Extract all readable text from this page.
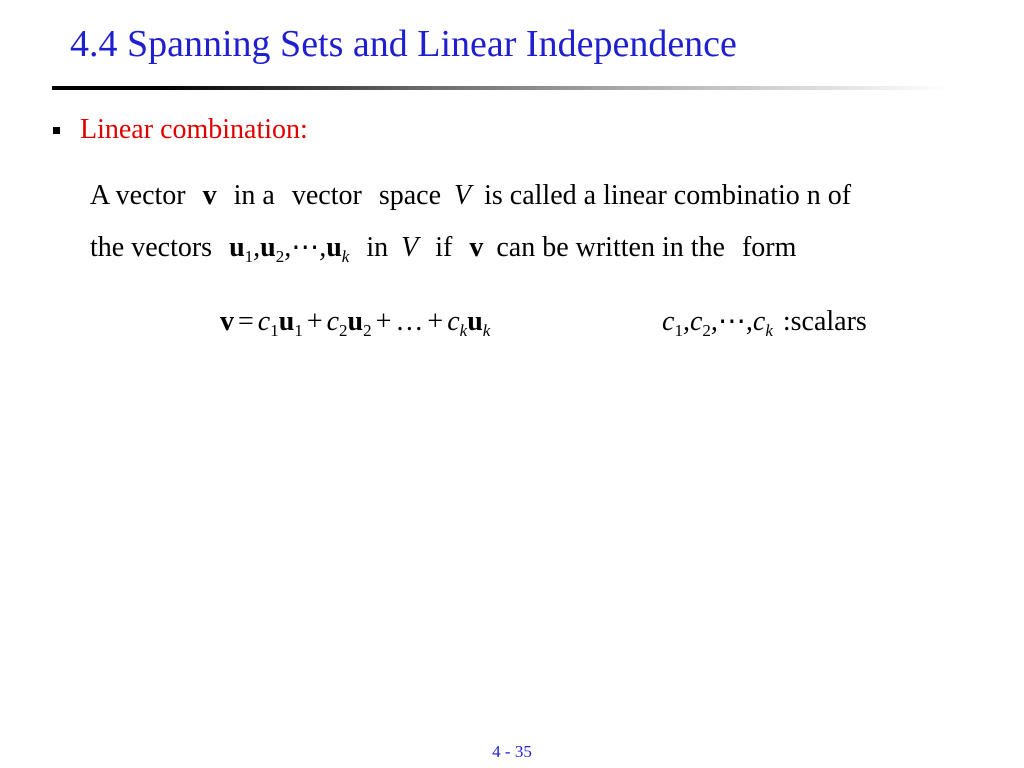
4.4 Spanning Sets and Linear Independence
Linear combination:
A vector v in a vector space V is called a linear combinatio n of
the vectors $u_1,u_2,\cdots,u_k$ in V if v can be written in the form
$v = c_1u_1 + c_2u_2$ + … + $c_ku_k$	$c_1,c_2,\cdots,c_k$ :scalars
4 - 35
